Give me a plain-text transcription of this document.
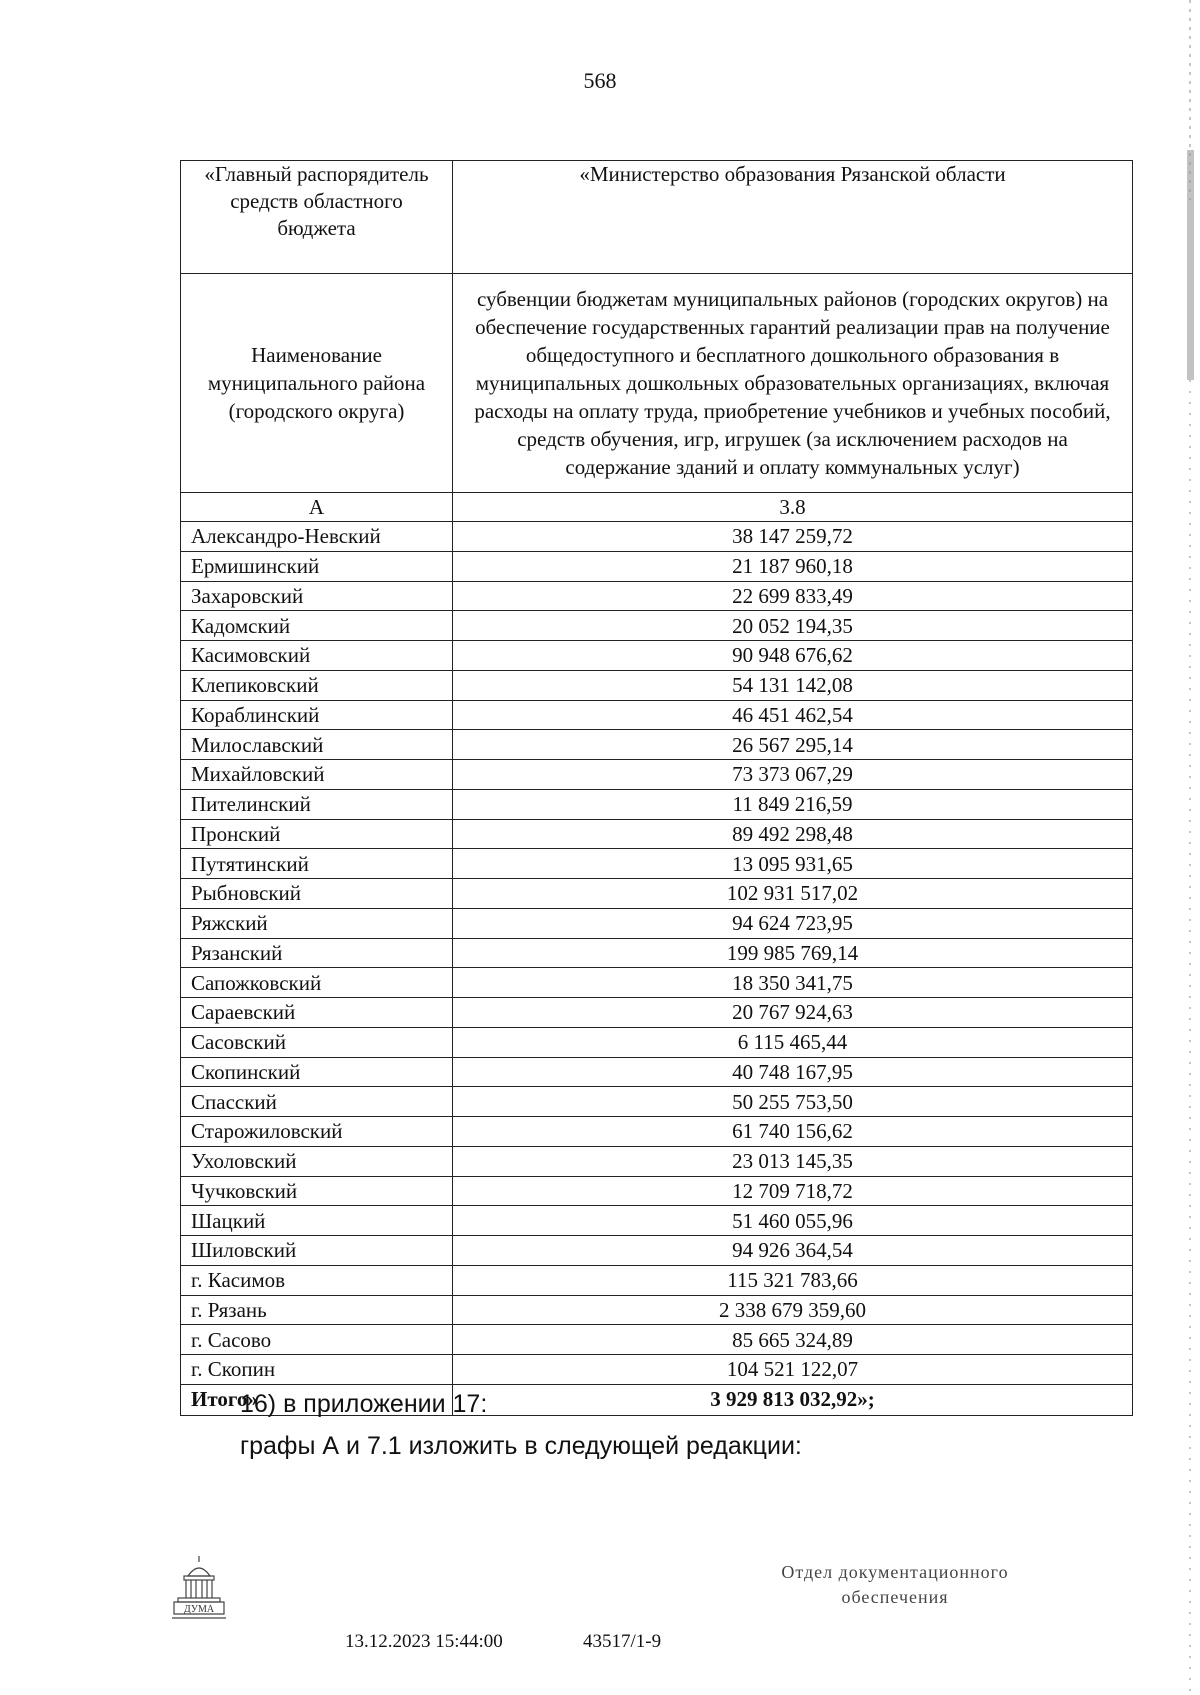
568
«Главный распорядитель средств областного бюджета	«Министерство образования Рязанской области

Наименование муниципального района (городского округа)	субвенции бюджетам муниципальных районов (городских округов) на обеспечение государственных гарантий реализации прав на получение общедоступного и бесплатного дошкольного образования в муниципальных дошкольных образовательных организациях, включая расходы на оплату труда, приобретение учебников и учебных пособий, средств обучения, игр, игрушек (за исключением расходов на содержание зданий и оплату коммунальных услуг)
А	3.8
Александро-Невский	38 147 259,72
Ермишинский	21 187 960,18
Захаровский	22 699 833,49
Кадомский	20 052 194,35
Касимовский	90 948 676,62
Клепиковский	54 131 142,08
Кораблинский	46 451 462,54
Милославский	26 567 295,14
Михайловский	73 373 067,29
Пителинский	11 849 216,59
Пронский	89 492 298,48
Путятинский	13 095 931,65
Рыбновский	102 931 517,02
Ряжский	94 624 723,95
Рязанский	199 985 769,14
Сапожковский	18 350 341,75
Сараевский	20 767 924,63
Сасовский	6 115 465,44
Скопинский	40 748 167,95
Спасский	50 255 753,50
Старожиловский	61 740 156,62
Ухоловский	23 013 145,35
Чучковский	12 709 718,72
Шацкий	51 460 055,96
Шиловский	94 926 364,54
г. Касимов	115 321 783,66
г. Рязань	2 338 679 359,60
г. Сасово	85 665 324,89
г. Скопин	104 521 122,07
Итого»	3 929 813 032,92»;
16) в приложении 17:
графы А и 7.1 изложить в следующей редакции:
ДУМА
13.12.2023 15:44:00	43517/1-9
Отдел документационного
обеспечения
